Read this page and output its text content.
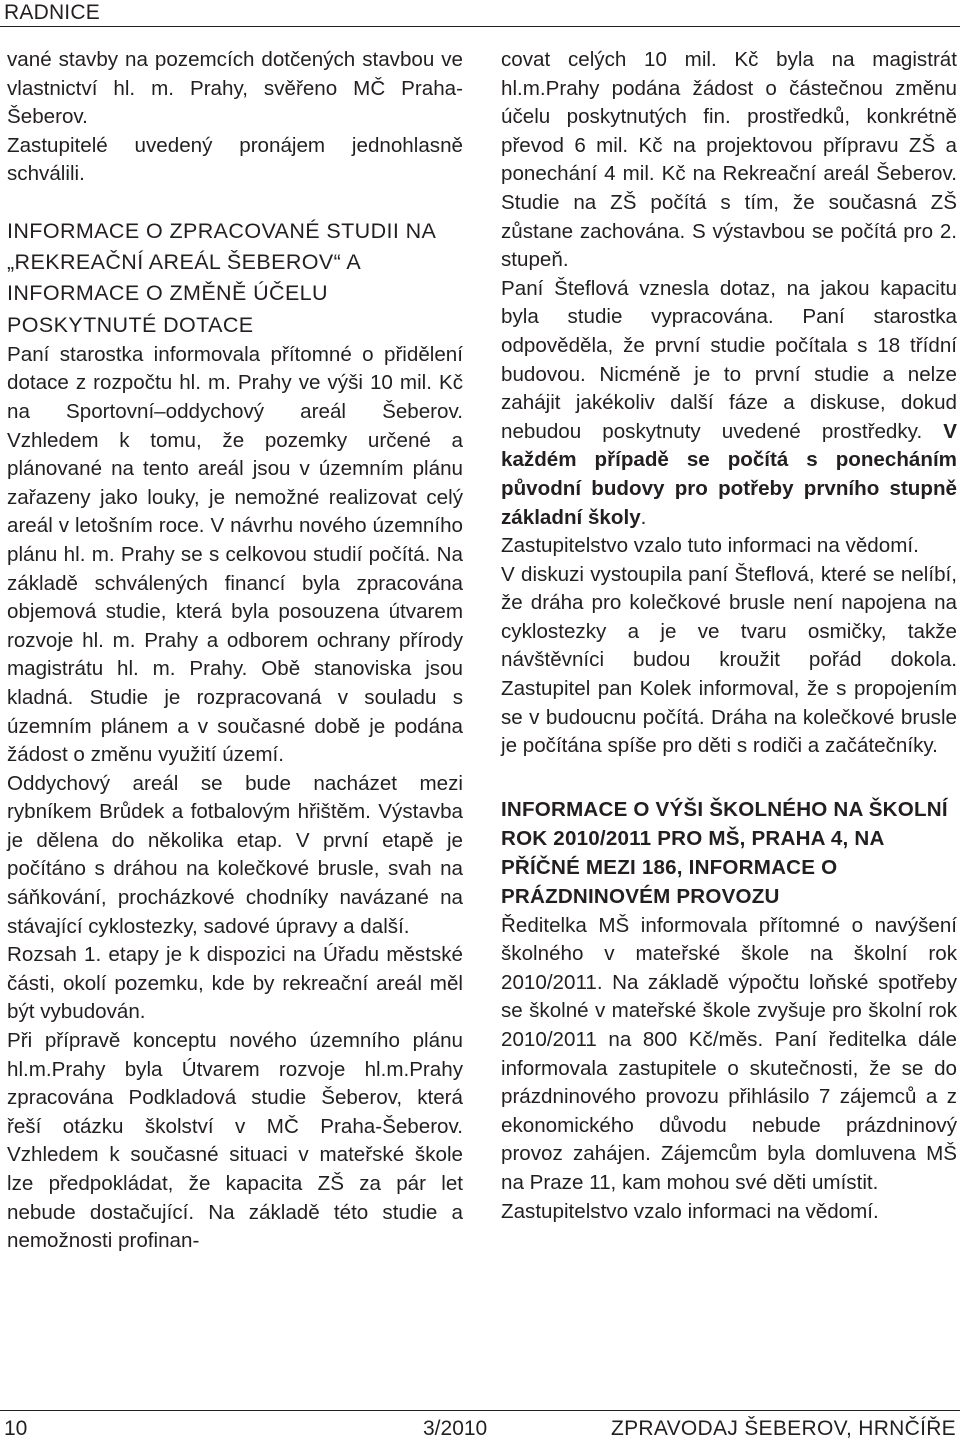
RADNICE

vané stavby na pozemcích dotčených stavbou ve vlastnictví hl. m. Prahy, svěřeno MČ Praha-Šeberov.

Zastupitelé uvedený pronájem jednohlasně schválili.

INFORMACE O ZPRACOVANÉ STUDII NA „REKREAČNÍ AREÁL ŠEBEROV“ A INFORMACE O ZMĚNĚ ÚČELU POSKYTNUTÉ DOTACE

Paní starostka informovala přítomné o přidělení dotace z rozpočtu hl. m. Prahy ve výši 10 mil. Kč na Sportovní–oddychový areál Šeberov. Vzhledem k tomu, že pozemky určené a plánované na tento areál jsou v územním plánu zařazeny jako louky, je nemožné realizovat celý areál v letošním roce. V návrhu nového územního plánu hl. m. Prahy se s celkovou studií počítá. Na základě schválených financí byla zpracována objemová studie, která byla posouzena útvarem rozvoje hl. m. Prahy a odborem ochrany přírody magistrátu hl. m. Prahy. Obě stanoviska jsou kladná. Studie je rozpracovaná v souladu s územním plánem a v současné době je podána žádost o změnu využití území.

Oddychový areál se bude nacházet mezi rybníkem Brůdek a fotbalovým hřištěm. Výstavba je dělena do několika etap. V první etapě je počítáno s dráhou na kolečkové brusle, svah na sáňkování, procházkové chodníky navázané na stávající cyklostezky, sadové úpravy a další.

Rozsah 1. etapy je k dispozici na Úřadu městské části, okolí pozemku, kde by rekreační areál měl být vybudován.

Při přípravě konceptu nového územního plánu hl.m.Prahy byla Útvarem rozvoje hl.m.Prahy zpracována Podkladová studie Šeberov, která řeší otázku školství v MČ Praha-Šeberov. Vzhledem k současné situaci v mateřské škole lze předpokládat, že kapacita ZŠ za pár let nebude dostačující. Na základě této studie a nemožnosti profinan-

covat celých 10 mil. Kč byla na magistrát hl.m.Prahy podána žádost o částečnou změnu účelu poskytnutých fin. prostředků, konkrétně převod 6 mil. Kč na projektovou přípravu ZŠ a ponechání 4 mil. Kč na Rekreační areál Šeberov. Studie na ZŠ počítá s tím, že současná ZŠ zůstane zachována. S výstavbou se počítá pro 2. stupeň.

Paní Šteflová vznesla dotaz, na jakou kapacitu byla studie vypracována. Paní starostka odpověděla, že první studie počítala s 18 třídní budovou. Nicméně je to první studie a nelze zahájit jakékoliv další fáze a diskuse, dokud nebudou poskytnuty uvedené prostředky. V každém případě se počítá s ponecháním původní budovy pro potřeby prvního stupně základní školy.

Zastupitelstvo vzalo tuto informaci na vědomí.

V diskuzi vystoupila paní Šteflová, které se nelíbí, že dráha pro kolečkové brusle není napojena na cyklostezky a je ve tvaru osmičky, takže návštěvníci budou kroužit pořád dokola. Zastupitel pan Kolek informoval, že s propojením se v budoucnu počítá. Dráha na kolečkové brusle je počítána spíše pro děti s rodiči a začátečníky.

INFORMACE O VÝŠI ŠKOLNÉHO NA ŠKOLNÍ ROK 2010/2011 PRO MŠ, PRAHA 4, NA PŘÍČNÉ MEZI 186, INFORMACE O PRÁZDNINOVÉM PROVOZU

Ředitelka MŠ informovala přítomné o navýšení školného v mateřské škole na školní rok 2010/2011. Na základě výpočtu loňské spotřeby se školné v mateřské škole zvyšuje pro školní rok 2010/2011 na 800 Kč/měs. Paní ředitelka dále informovala zastupitele o skutečnosti, že se do prázdninového provozu přihlásilo 7 zájemců a z ekonomického důvodu nebude prázdninový provoz zahájen. Zájemcům byla domluvena MŠ na Praze 11, kam mohou své děti umístit.

Zastupitelstvo vzalo informaci na vědomí.

10	3/2010	ZPRAVODAJ ŠEBEROV, HRNČÍŘE
